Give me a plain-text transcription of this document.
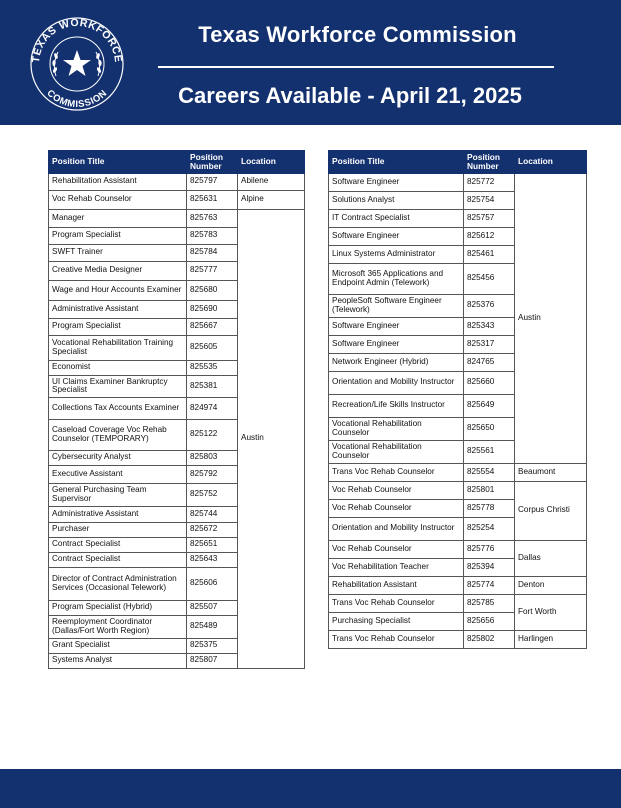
TEXAS WORKFORCE
COMMISSION
Texas Workforce Commission
Careers Available - April 21, 2025
Position Title	Position Number	Location
Rehabilitation Assistant	825797	Abilene
Voc Rehab Counselor	825631	Alpine
Manager	825763	Austin
Program Specialist	825783	
SWFT Trainer	825784	
Creative Media Designer	825777	
Wage and Hour Accounts Examiner	825680	
Administrative Assistant	825690	
Program Specialist	825667	
Vocational Rehabilitation Training Specialist	825605	
Economist	825535	
UI Claims Examiner Bankruptcy Specialist	825381	
Collections Tax Accounts Examiner	824974	
Caseload Coverage Voc Rehab Counselor (TEMPORARY)	825122	
Cybersecurity Analyst	825803	
Executive Assistant	825792	
General Purchasing Team Supervisor	825752	
Administrative Assistant	825744	
Purchaser	825672	
Contract Specialist	825651	
Contract Specialist	825643	
Director of Contract Administration Services (Occasional Telework)	825606	
Program Specialist (Hybrid)	825507	
Reemployment Coordinator (Dallas/Fort Worth Region)	825489	
Grant Specialist	825375	
Systems Analyst	825807	
Position Title	Position Number	Location
Software Engineer	825772	Austin
Solutions Analyst	825754	
IT Contract Specialist	825757	
Software Engineer	825612	
Linux Systems Administrator	825461	
Microsoft 365 Applications and Endpoint Admin (Telework)	825456	
PeopleSoft Software Engineer (Telework)	825376	
Software Engineer	825343	
Software Engineer	825317	
Network Engineer (Hybrid)	824765	
Orientation and Mobility Instructor	825660	
Recreation/Life Skills Instructor	825649	
Vocational Rehabilitation Counselor	825650	
Vocational Rehabilitation Counselor	825561	
Trans Voc Rehab Counselor	825554	Beaumont
Voc Rehab Counselor	825801	Corpus Christi
Voc Rehab Counselor	825778	
Orientation and Mobility Instructor	825254	
Voc Rehab Counselor	825776	Dallas
Voc Rehabilitation Teacher	825394	
Rehabilitation Assistant	825774	Denton
Trans Voc Rehab Counselor	825785	Fort Worth
Purchasing Specialist	825656	
Trans Voc Rehab Counselor	825802	Harlingen
